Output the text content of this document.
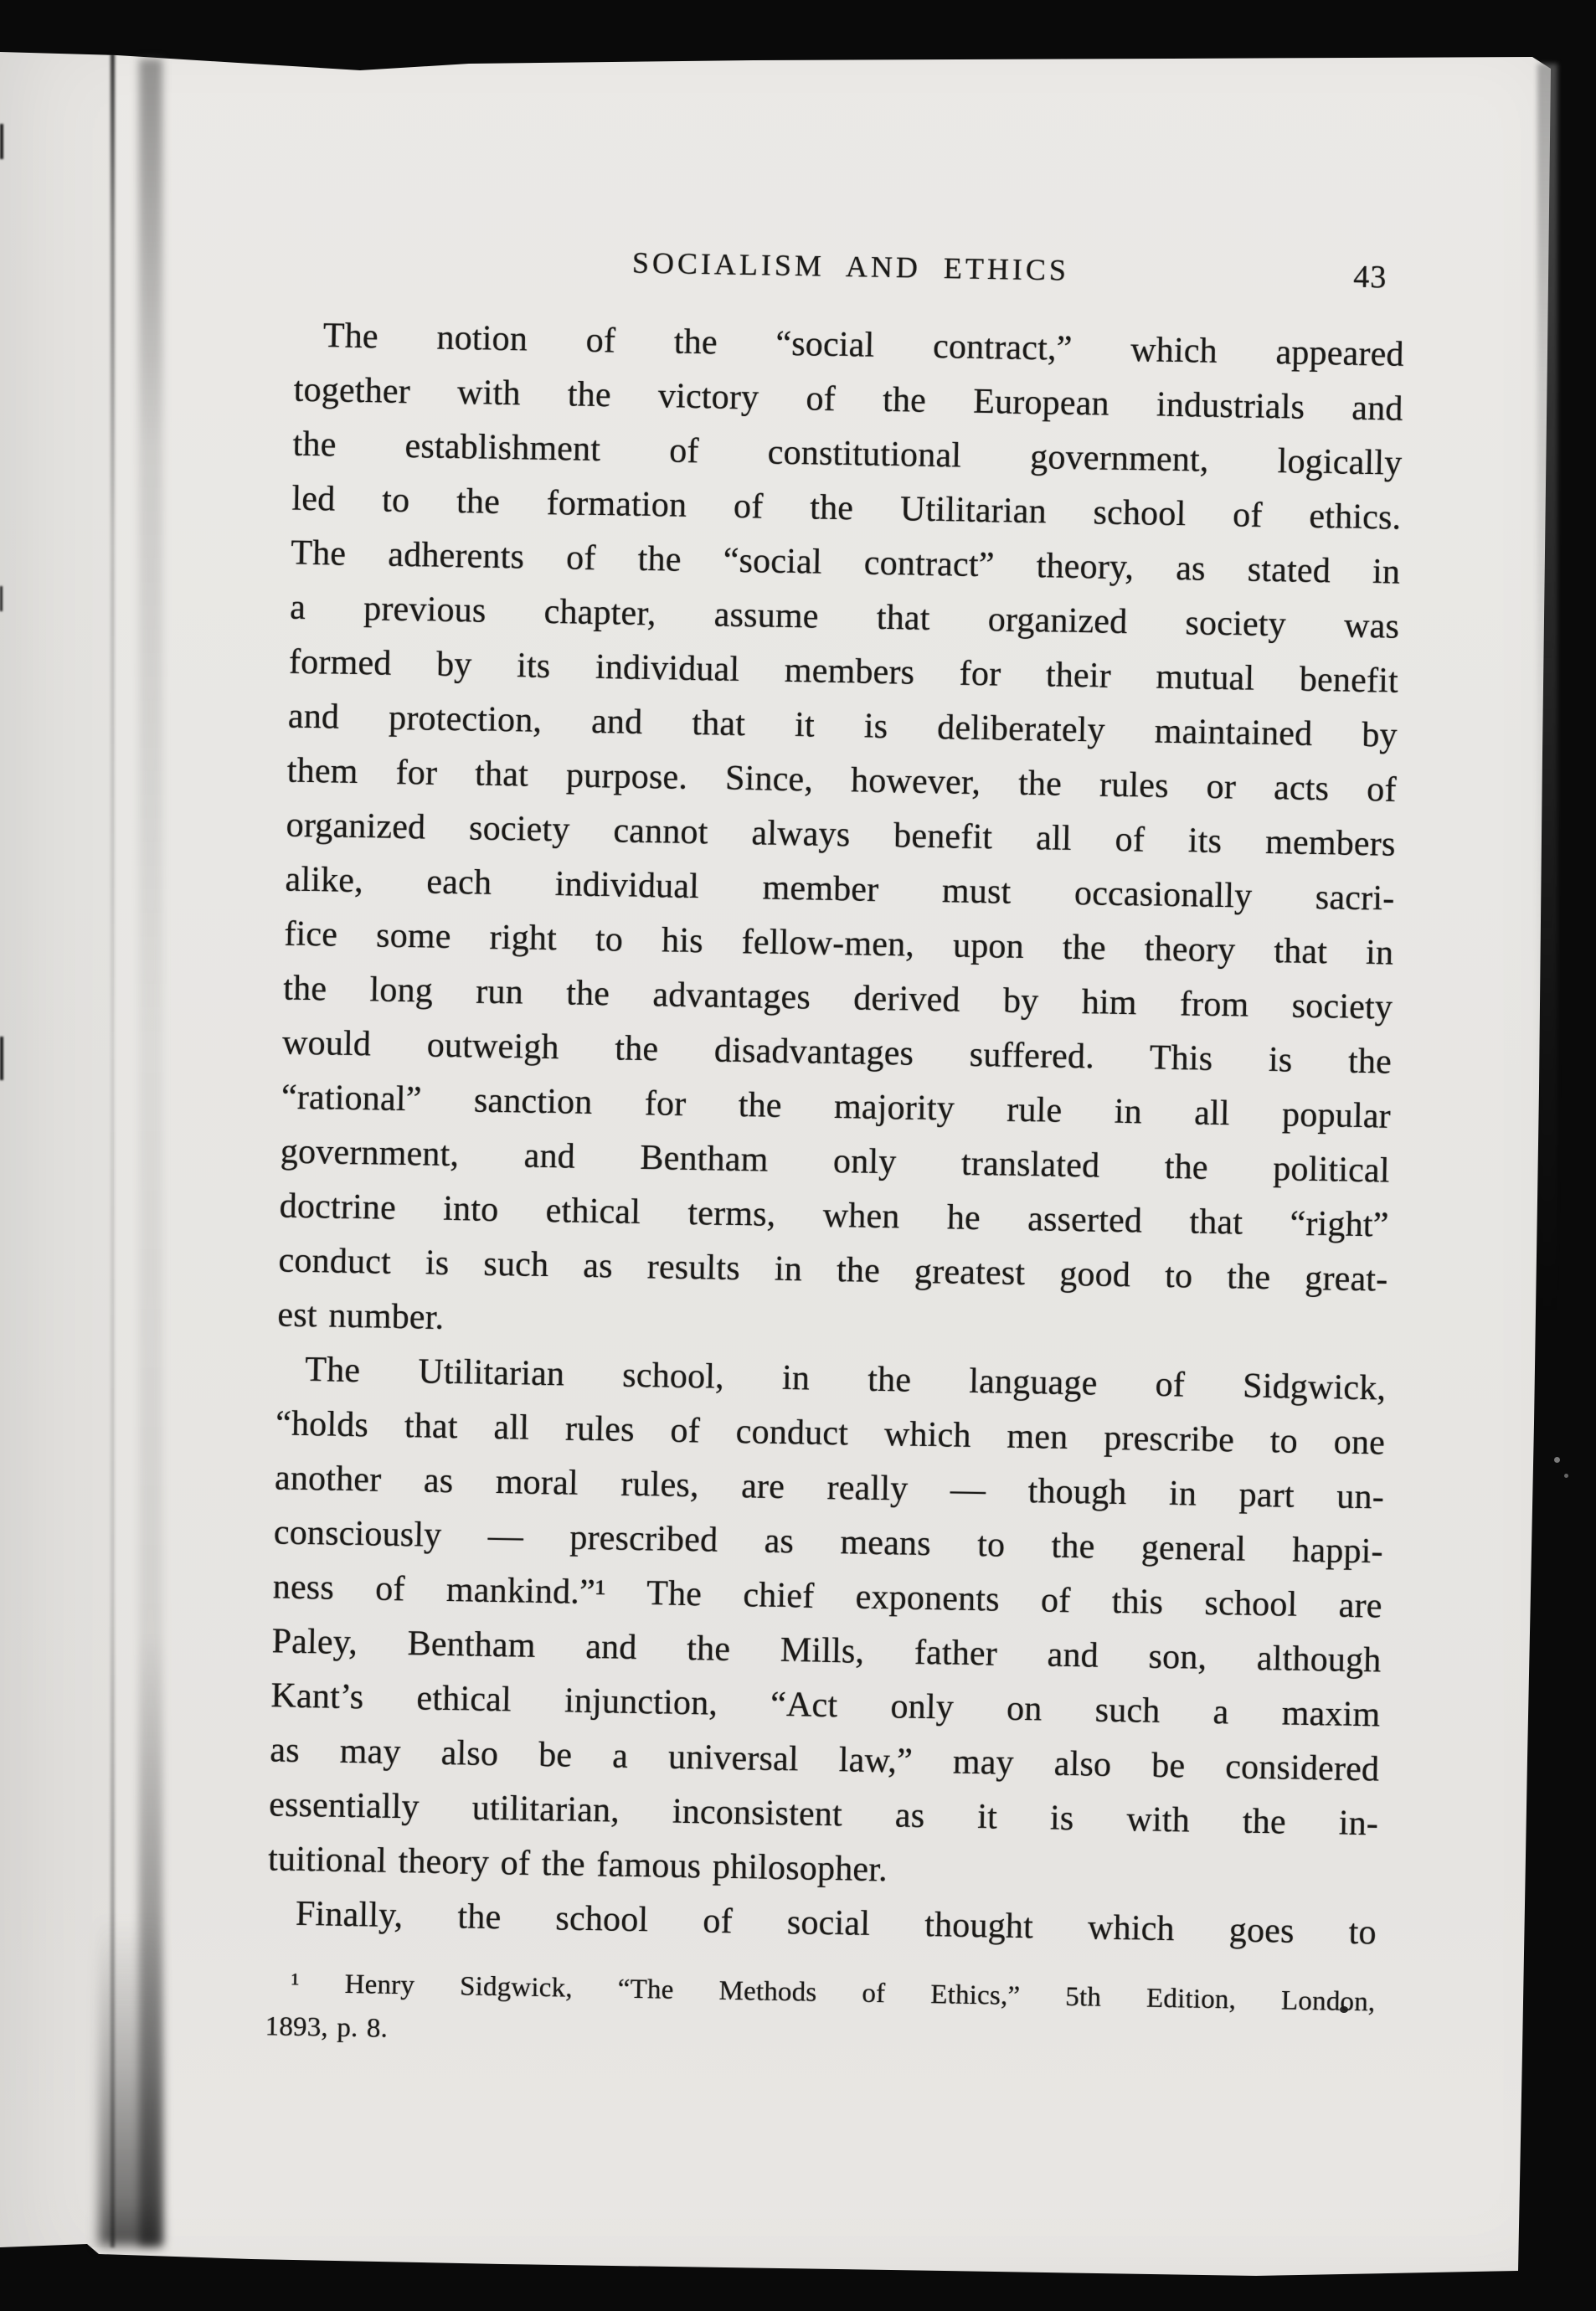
SOCIALISM AND ETHICS	43
The notion of the “social contract,” which appeared
together with the victory of the European industrials and
the establishment of constitutional government, logically
led to the formation of the Utilitarian school of ethics.
The adherents of the “social contract” theory, as stated in
a previous chapter, assume that organized society was
formed by its individual members for their mutual benefit
and protection, and that it is deliberately maintained by
them for that purpose. Since, however, the rules or acts of
organized society cannot always benefit all of its members
alike, each individual member must occasionally sacri-
fice some right to his fellow-men, upon the theory that in
the long run the advantages derived by him from society
would outweigh the disadvantages suffered. This is the
“rational” sanction for the majority rule in all popular
government, and Bentham only translated the political
doctrine into ethical terms, when he asserted that “right”
conduct is such as results in the greatest good to the great-
est number.
The Utilitarian school, in the language of Sidgwick,
“holds that all rules of conduct which men prescribe to one
another as moral rules, are really — though in part un-
consciously — prescribed as means to the general happi-
ness of mankind.”¹ The chief exponents of this school are
Paley, Bentham and the Mills, father and son, although
Kant’s ethical injunction, “Act only on such a maxim
as may also be a universal law,” may also be considered
essentially utilitarian, inconsistent as it is with the in-
tuitional theory of the famous philosopher.
Finally, the school of social thought which goes to
¹ Henry Sidgwick, “The Methods of Ethics,” 5th Edition, London,
1893, p. 8.
